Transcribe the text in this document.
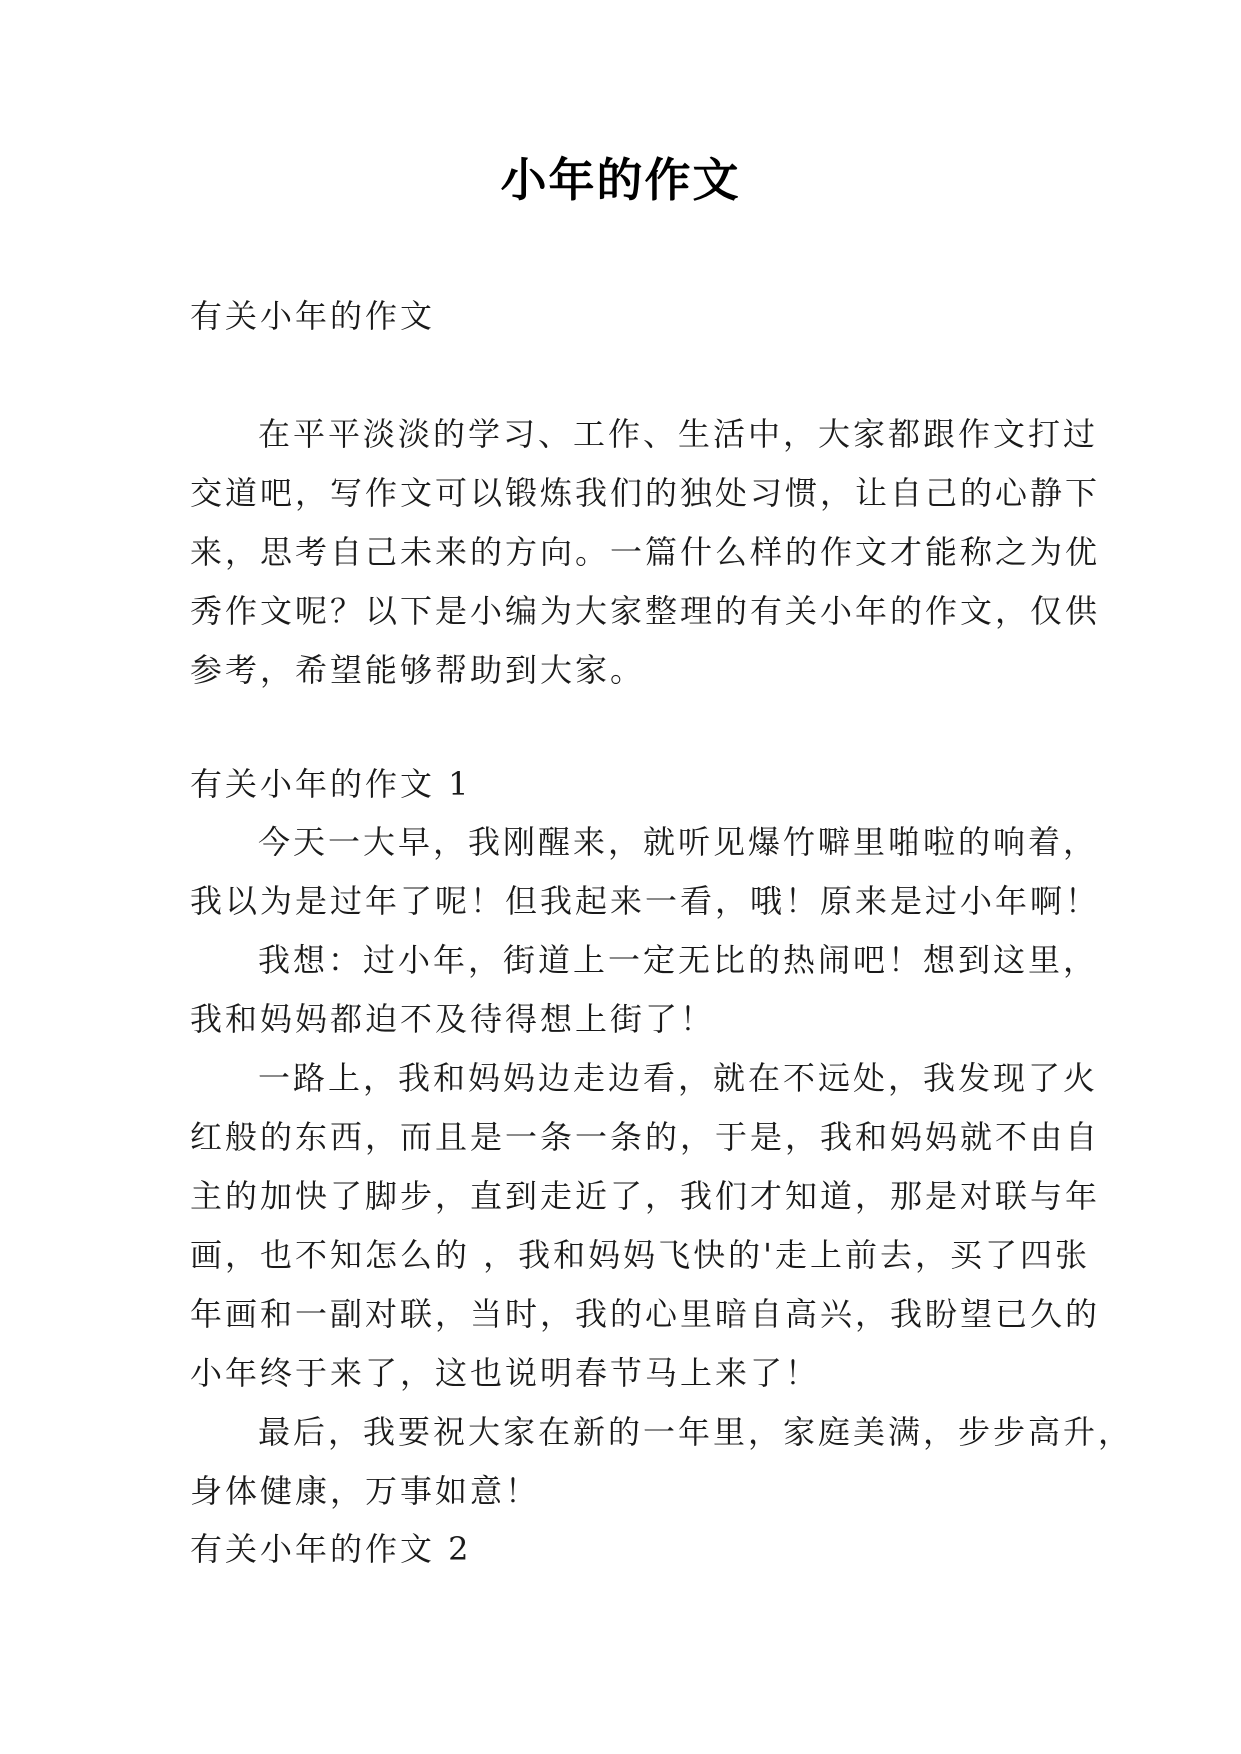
小年的作文
有关小年的作文
在平平淡淡的学习、工作、生活中，大家都跟作文打过
交道吧，写作文可以锻炼我们的独处习惯，让自己的心静下
来，思考自己未来的方向。一篇什么样的作文才能称之为优
秀作文呢？以下是小编为大家整理的有关小年的作文，仅供
参考，希望能够帮助到大家。
有关小年的作文 1
今天一大早，我刚醒来，就听见爆竹噼里啪啦的响着，
我以为是过年了呢！但我起来一看，哦！原来是过小年啊！
我想：过小年，街道上一定无比的热闹吧！想到这里，
我和妈妈都迫不及待得想上街了！
一路上，我和妈妈边走边看，就在不远处，我发现了火
红般的东西，而且是一条一条的，于是，我和妈妈就不由自
主的加快了脚步，直到走近了，我们才知道，那是对联与年
画，也不知怎么的 ，我和妈妈飞快的'走上前去，买了四张
年画和一副对联，当时，我的心里暗自高兴，我盼望已久的
小年终于来了，这也说明春节马上来了！
最后，我要祝大家在新的一年里，家庭美满，步步高升，
身体健康，万事如意！
有关小年的作文 2
